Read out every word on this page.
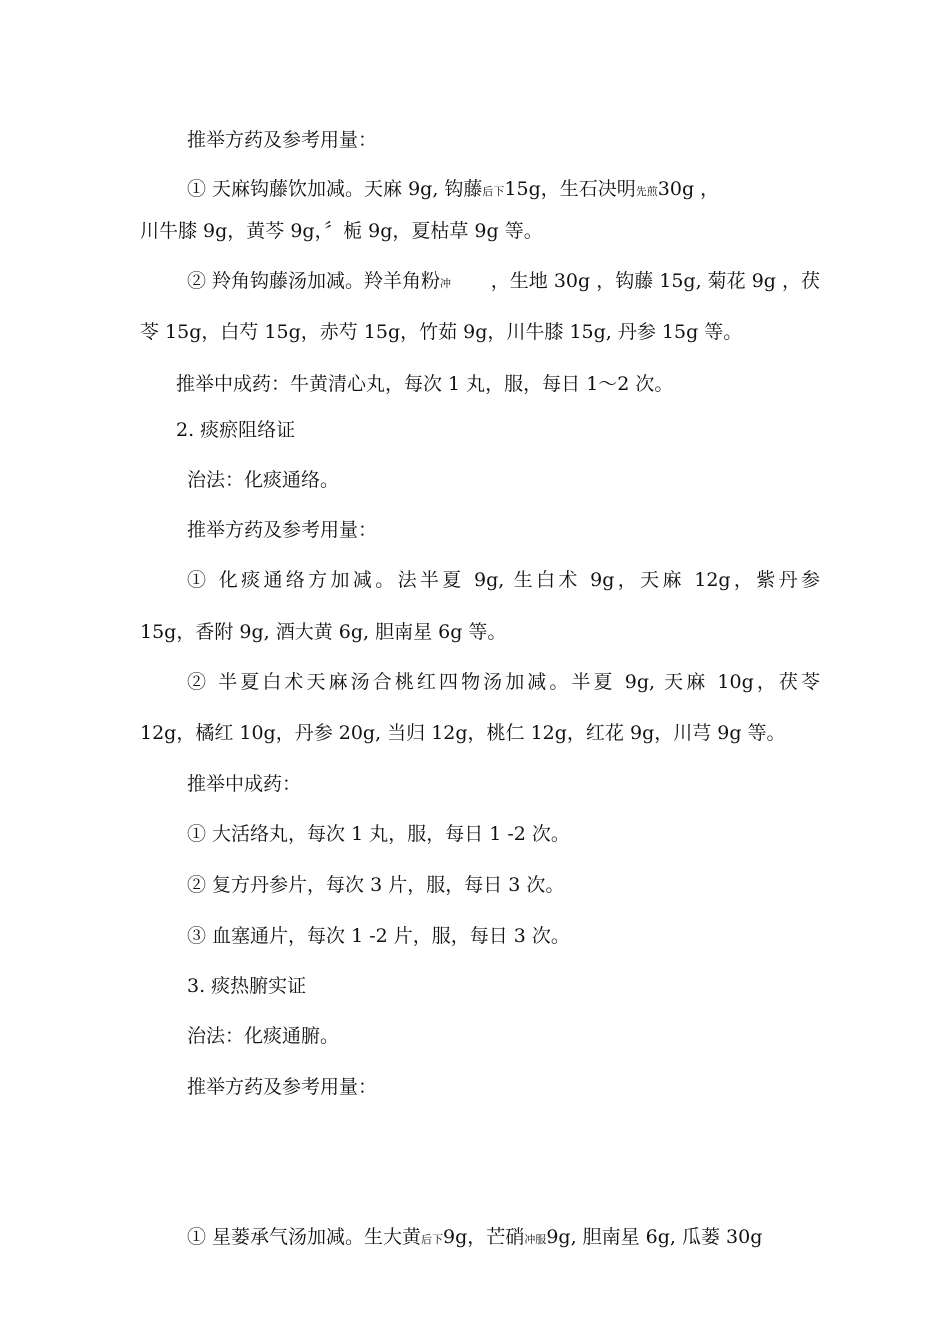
推举方药及参考用量：
① 天麻钩藤饮加减。天麻 9g, 钩藤后下15g，生石决明先煎30g ，
川牛膝 9g，黄芩 9g，〞栀 9g，夏枯草 9g 等。
② 羚角钩藤汤加减。羚羊角粉冲 ，生地 30g ，钩藤 15g, 菊花 9g ，茯
苓 15g，白芍 15g，赤芍 15g，竹茹 9g，川牛膝 15g, 丹参 15g 等。
推举中成药：牛黄清心丸，每次 1 丸，服，每日 1〜2 次。
2. 痰瘀阻络证
治法：化痰通络。
推举方药及参考用量：
① 化痰通络方加减。法半夏 9g, 生白术 9g，天麻 12g，紫丹参
15g，香附 9g, 酒大黄 6g, 胆南星 6g 等。
② 半夏白术天麻汤合桃红四物汤加减。半夏 9g, 天麻 10g，茯苓
12g，橘红 10g，丹参 20g, 当归 12g，桃仁 12g，红花 9g，川芎 9g 等。
推举中成药：
① 大活络丸，每次 1 丸，服，每日 1 -2 次。
② 复方丹参片，每次 3 片，服，每日 3 次。
③ 血塞通片，每次 1 -2 片，服，每日 3 次。
3. 痰热腑实证
治法：化痰通腑。
推举方药及参考用量：
① 星蒌承气汤加减。生大黄后下9g，芒硝冲服9g, 胆南星 6g, 瓜蒌 30g
